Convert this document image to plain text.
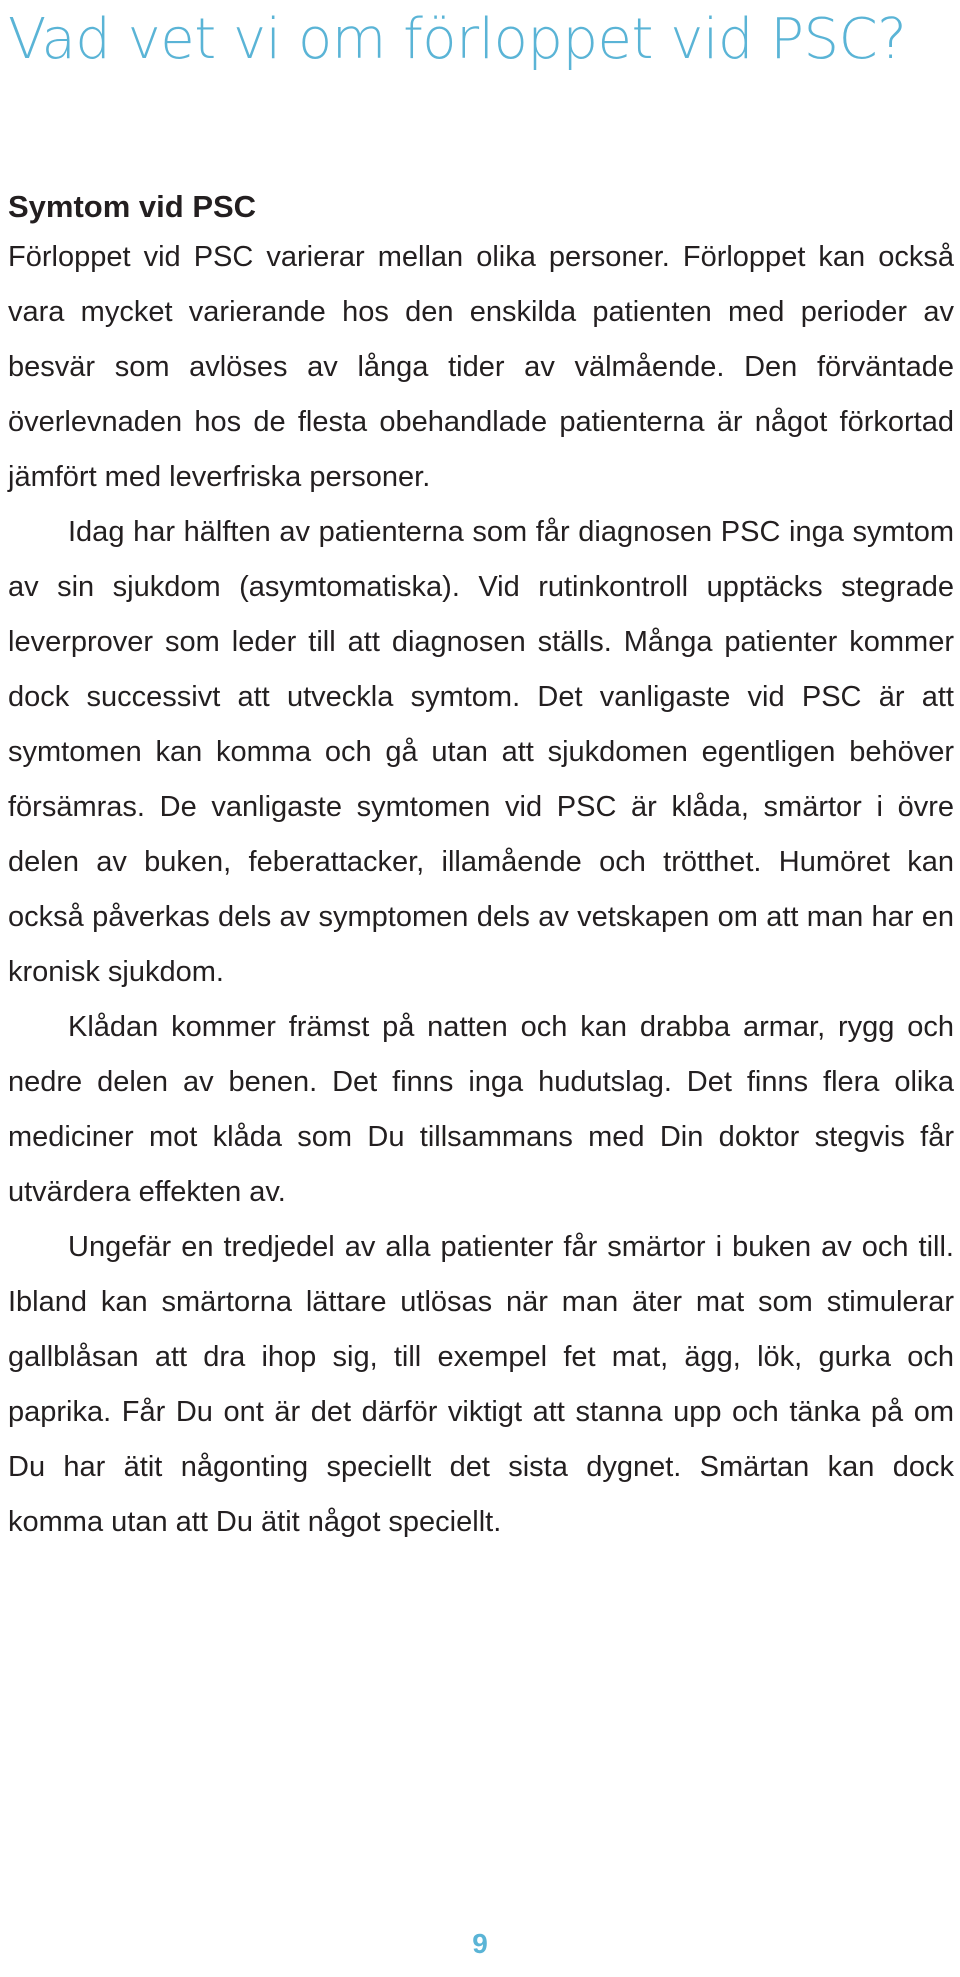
Vad vet vi om förloppet vid PSC?
Symtom vid PSC

Förloppet vid PSC varierar mellan olika personer. Förloppet kan också vara mycket varierande hos den enskilda patienten med perioder av besvär som avlöses av långa tider av välmående. Den förväntade överlevnaden hos de flesta obehandlade patienterna är något förkortad jämfört med leverfriska personer.

Idag har hälften av patienterna som får diagnosen PSC inga symtom av sin sjukdom (asymtomatiska). Vid rutinkontroll upptäcks stegrade leverprover som leder till att diagnosen ställs. Många patienter kommer dock successivt att utveckla symtom. Det vanligaste vid PSC är att symtomen kan komma och gå utan att sjukdomen egentligen behöver försämras. De vanligaste symtomen vid PSC är klåda, smärtor i övre delen av buken, feberattacker, illamående och trötthet. Humöret kan också påverkas dels av symptomen dels av vetskapen om att man har en kronisk sjukdom.

Klådan kommer främst på natten och kan drabba armar, rygg och nedre delen av benen. Det finns inga hudutslag. Det finns flera olika mediciner mot klåda som Du tillsammans med Din doktor stegvis får utvärdera effekten av.

Ungefär en tredjedel av alla patienter får smärtor i buken av och till. Ibland kan smärtorna lättare utlösas när man äter mat som stimulerar gallblåsan att dra ihop sig, till exempel fet mat, ägg, lök, gurka och paprika. Får Du ont är det därför viktigt att stanna upp och tänka på om Du har ätit någonting speciellt det sista dygnet. Smärtan kan dock komma utan att Du ätit något speciellt.

9
